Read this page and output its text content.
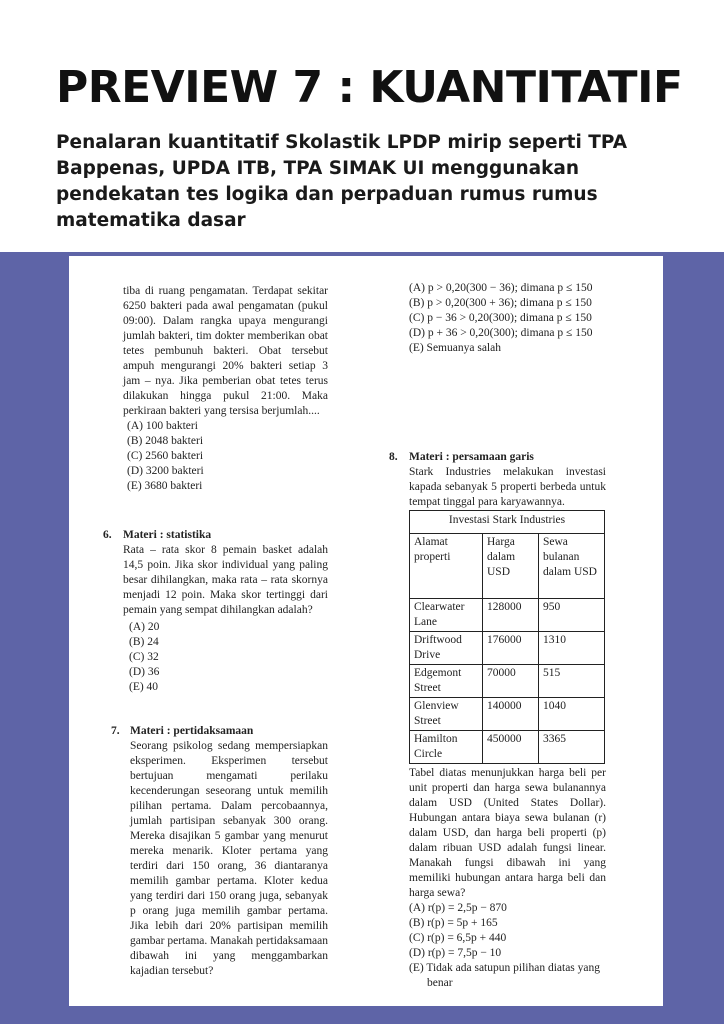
PREVIEW 7 : KUANTITATIF
Penalaran kuantitatif Skolastik LPDP mirip seperti TPA Bappenas, UPDA ITB, TPA SIMAK UI menggunakan pendekatan tes logika dan perpaduan rumus rumus matematika dasar

tiba di ruang pengamatan. Terdapat sekitar 6250 bakteri pada awal pengamatan (pukul 09:00). Dalam rangka upaya mengurangi jumlah bakteri, tim dokter memberikan obat tetes pembunuh bakteri. Obat tersebut ampuh mengurangi 20% bakteri setiap 3 jam – nya. Jika pemberian obat tetes terus dilakukan hingga pukul 21:00. Maka perkiraan bakteri yang tersisa berjumlah....

(A) 100 bakteri

(B) 2048 bakteri

(C) 2560 bakteri

(D) 3200 bakteri

(E) 3680 bakteri

6. Materi : statistika

Rata – rata skor 8 pemain basket adalah 14,5 poin. Jika skor individual yang paling besar dihilangkan, maka rata – rata skornya menjadi 12 poin. Maka skor tertinggi dari pemain yang sempat dihilangkan adalah?

(A) 20

(B) 24

(C) 32

(D) 36

(E) 40

7. Materi : pertidaksamaan

Seorang psikolog sedang mempersiapkan eksperimen. Eksperimen tersebut bertujuan mengamati perilaku kecenderungan seseorang untuk memilih pilihan pertama. Dalam percobaannya, jumlah partisipan sebanyak 300 orang. Mereka disajikan 5 gambar yang menurut mereka menarik. Kloter pertama yang terdiri dari 150 orang, 36 diantaranya memilih gambar pertama. Kloter kedua yang terdiri dari 150 orang juga, sebanyak p orang juga memilih gambar pertama. Jika lebih dari 20% partisipan memilih gambar pertama. Manakah pertidaksamaan dibawah ini yang menggambarkan kajadian tersebut?

(A) p > 0,20(300 − 36); dimana p ≤ 150

(B) p > 0,20(300 + 36); dimana p ≤ 150

(C) p − 36 > 0,20(300); dimana p ≤ 150

(D) p + 36 > 0,20(300); dimana p ≤ 150

(E) Semuanya salah

8. Materi : persamaan garis

Stark Industries melakukan investasi kapada sebanyak 5 properti berbeda untuk tempat tinggal para karyawannya.

Investasi Stark Industries		
Alamat properti	Harga dalam USD	Sewa bulanan dalam USD
Clearwater Lane	128000	950
Driftwood Drive	176000	1310
Edgemont Street	70000	515
Glenview Street	140000	1040
Hamilton Circle	450000	3365

Tabel diatas menunjukkan harga beli per unit properti dan harga sewa bulanannya dalam USD (United States Dollar). Hubungan antara biaya sewa bulanan (r) dalam USD, dan harga beli properti (p) dalam ribuan USD adalah fungsi linear. Manakah fungsi dibawah ini yang memiliki hubungan antara harga beli dan harga sewa?

(A) r(p) = 2,5p − 870

(B) r(p) = 5p + 165

(C) r(p) = 6,5p + 440

(D) r(p) = 7,5p − 10

(E) Tidak ada satupun pilihan diatas yang benar
